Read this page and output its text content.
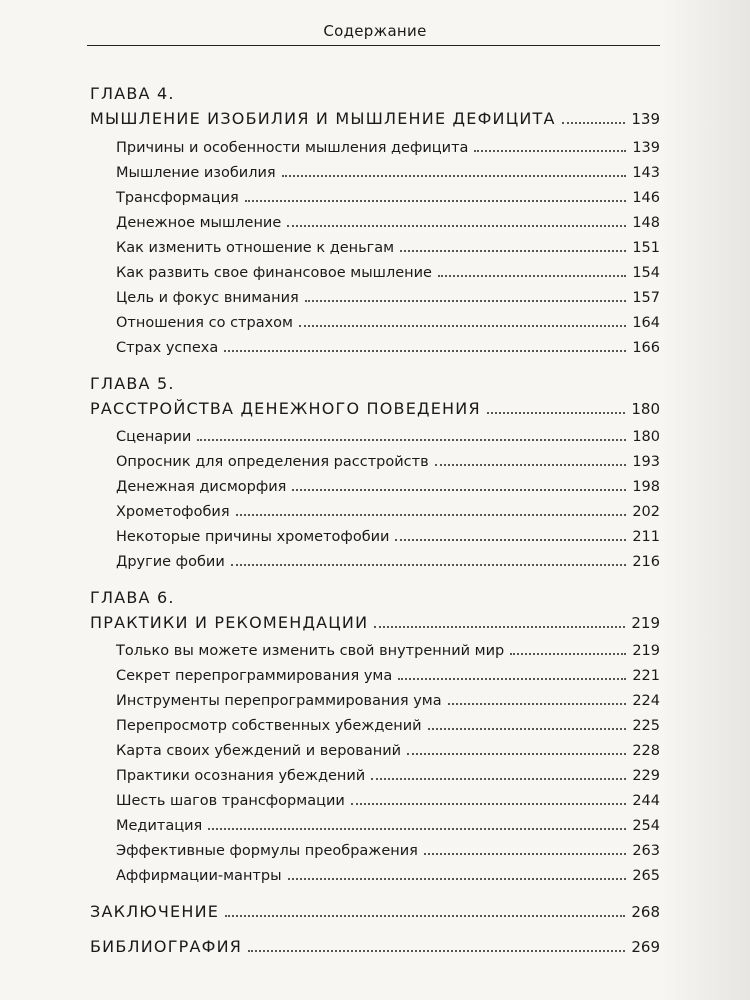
Содержание
ГЛАВА 4.
МЫШЛЕНИЕ ИЗОБИЛИЯ И МЫШЛЕНИЕ ДЕФИЦИТА	139
Причины и особенности мышления дефицита	139
Мышление изобилия	143
Трансформация	146
Денежное мышление	148
Как изменить отношение к деньгам	151
Как развить свое финансовое мышление	154
Цель и фокус внимания	157
Отношения со страхом	164
Страх успеха	166
ГЛАВА 5.
РАССТРОЙСТВА ДЕНЕЖНОГО ПОВЕДЕНИЯ	180
Сценарии	180
Опросник для определения расстройств	193
Денежная дисморфия	198
Хрометофобия	202
Некоторые причины хрометофобии	211
Другие фобии	216
ГЛАВА 6.
ПРАКТИКИ И РЕКОМЕНДАЦИИ	219
Только вы можете изменить свой внутренний мир	219
Секрет перепрограммирования ума	221
Инструменты перепрограммирования ума	224
Перепросмотр собственных убеждений	225
Карта своих убеждений и верований	228
Практики осознания убеждений	229
Шесть шагов трансформации	244
Медитация	254
Эффективные формулы преображения	263
Аффирмации-мантры	265
ЗАКЛЮЧЕНИЕ	268
БИБЛИОГРАФИЯ	269
